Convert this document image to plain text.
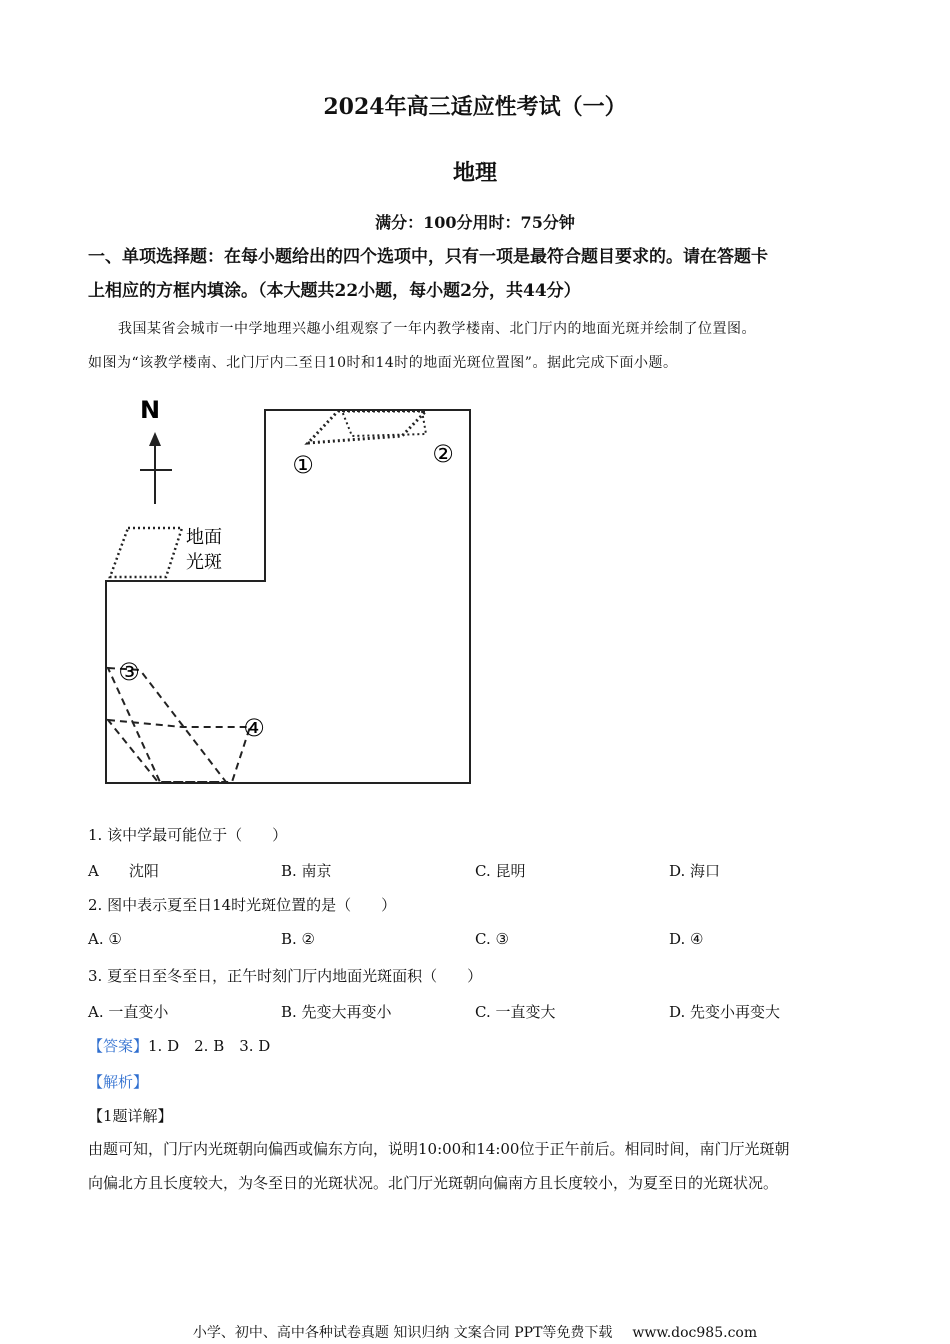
2024年高三适应性考试（一）
地理
满分：100分用时：75分钟
一、单项选择题：在每小题给出的四个选项中，只有一项是最符合题目要求的。请在答题卡
上相应的方框内填涂。（本大题共22小题，每小题2分，共44分）
我国某省会城市一中学地理兴趣小组观察了一年内教学楼南、北门厅内的地面光斑并绘制了位置图。
如图为“该教学楼南、北门厅内二至日10时和14时的地面光斑位置图”。据此完成下面小题。
N
地面
光斑
①	②
③
④
1. 该中学最可能位于（　　）
A　　沈阳	B. 南京	C. 昆明	D. 海口
2. 图中表示夏至日14时光斑位置的是（　　）
A. ①	B. ②	C. ③	D. ④
3. 夏至日至冬至日，正午时刻门厅内地面光斑面积（　　）
A. 一直变小	B. 先变大再变小	C. 一直变大	D. 先变小再变大
【答案】1. D　2. B　3. D
【解析】
【1题详解】
由题可知，门厅内光斑朝向偏西或偏东方向，说明10:00和14:00位于正午前后。相同时间，南门厅光斑朝
向偏北方且长度较大，为冬至日的光斑状况。北门厅光斑朝向偏南方且长度较小，为夏至日的光斑状况。
小学、初中、高中各种试卷真题 知识归纳 文案合同 PPT等免费下载 www.doc985.com
